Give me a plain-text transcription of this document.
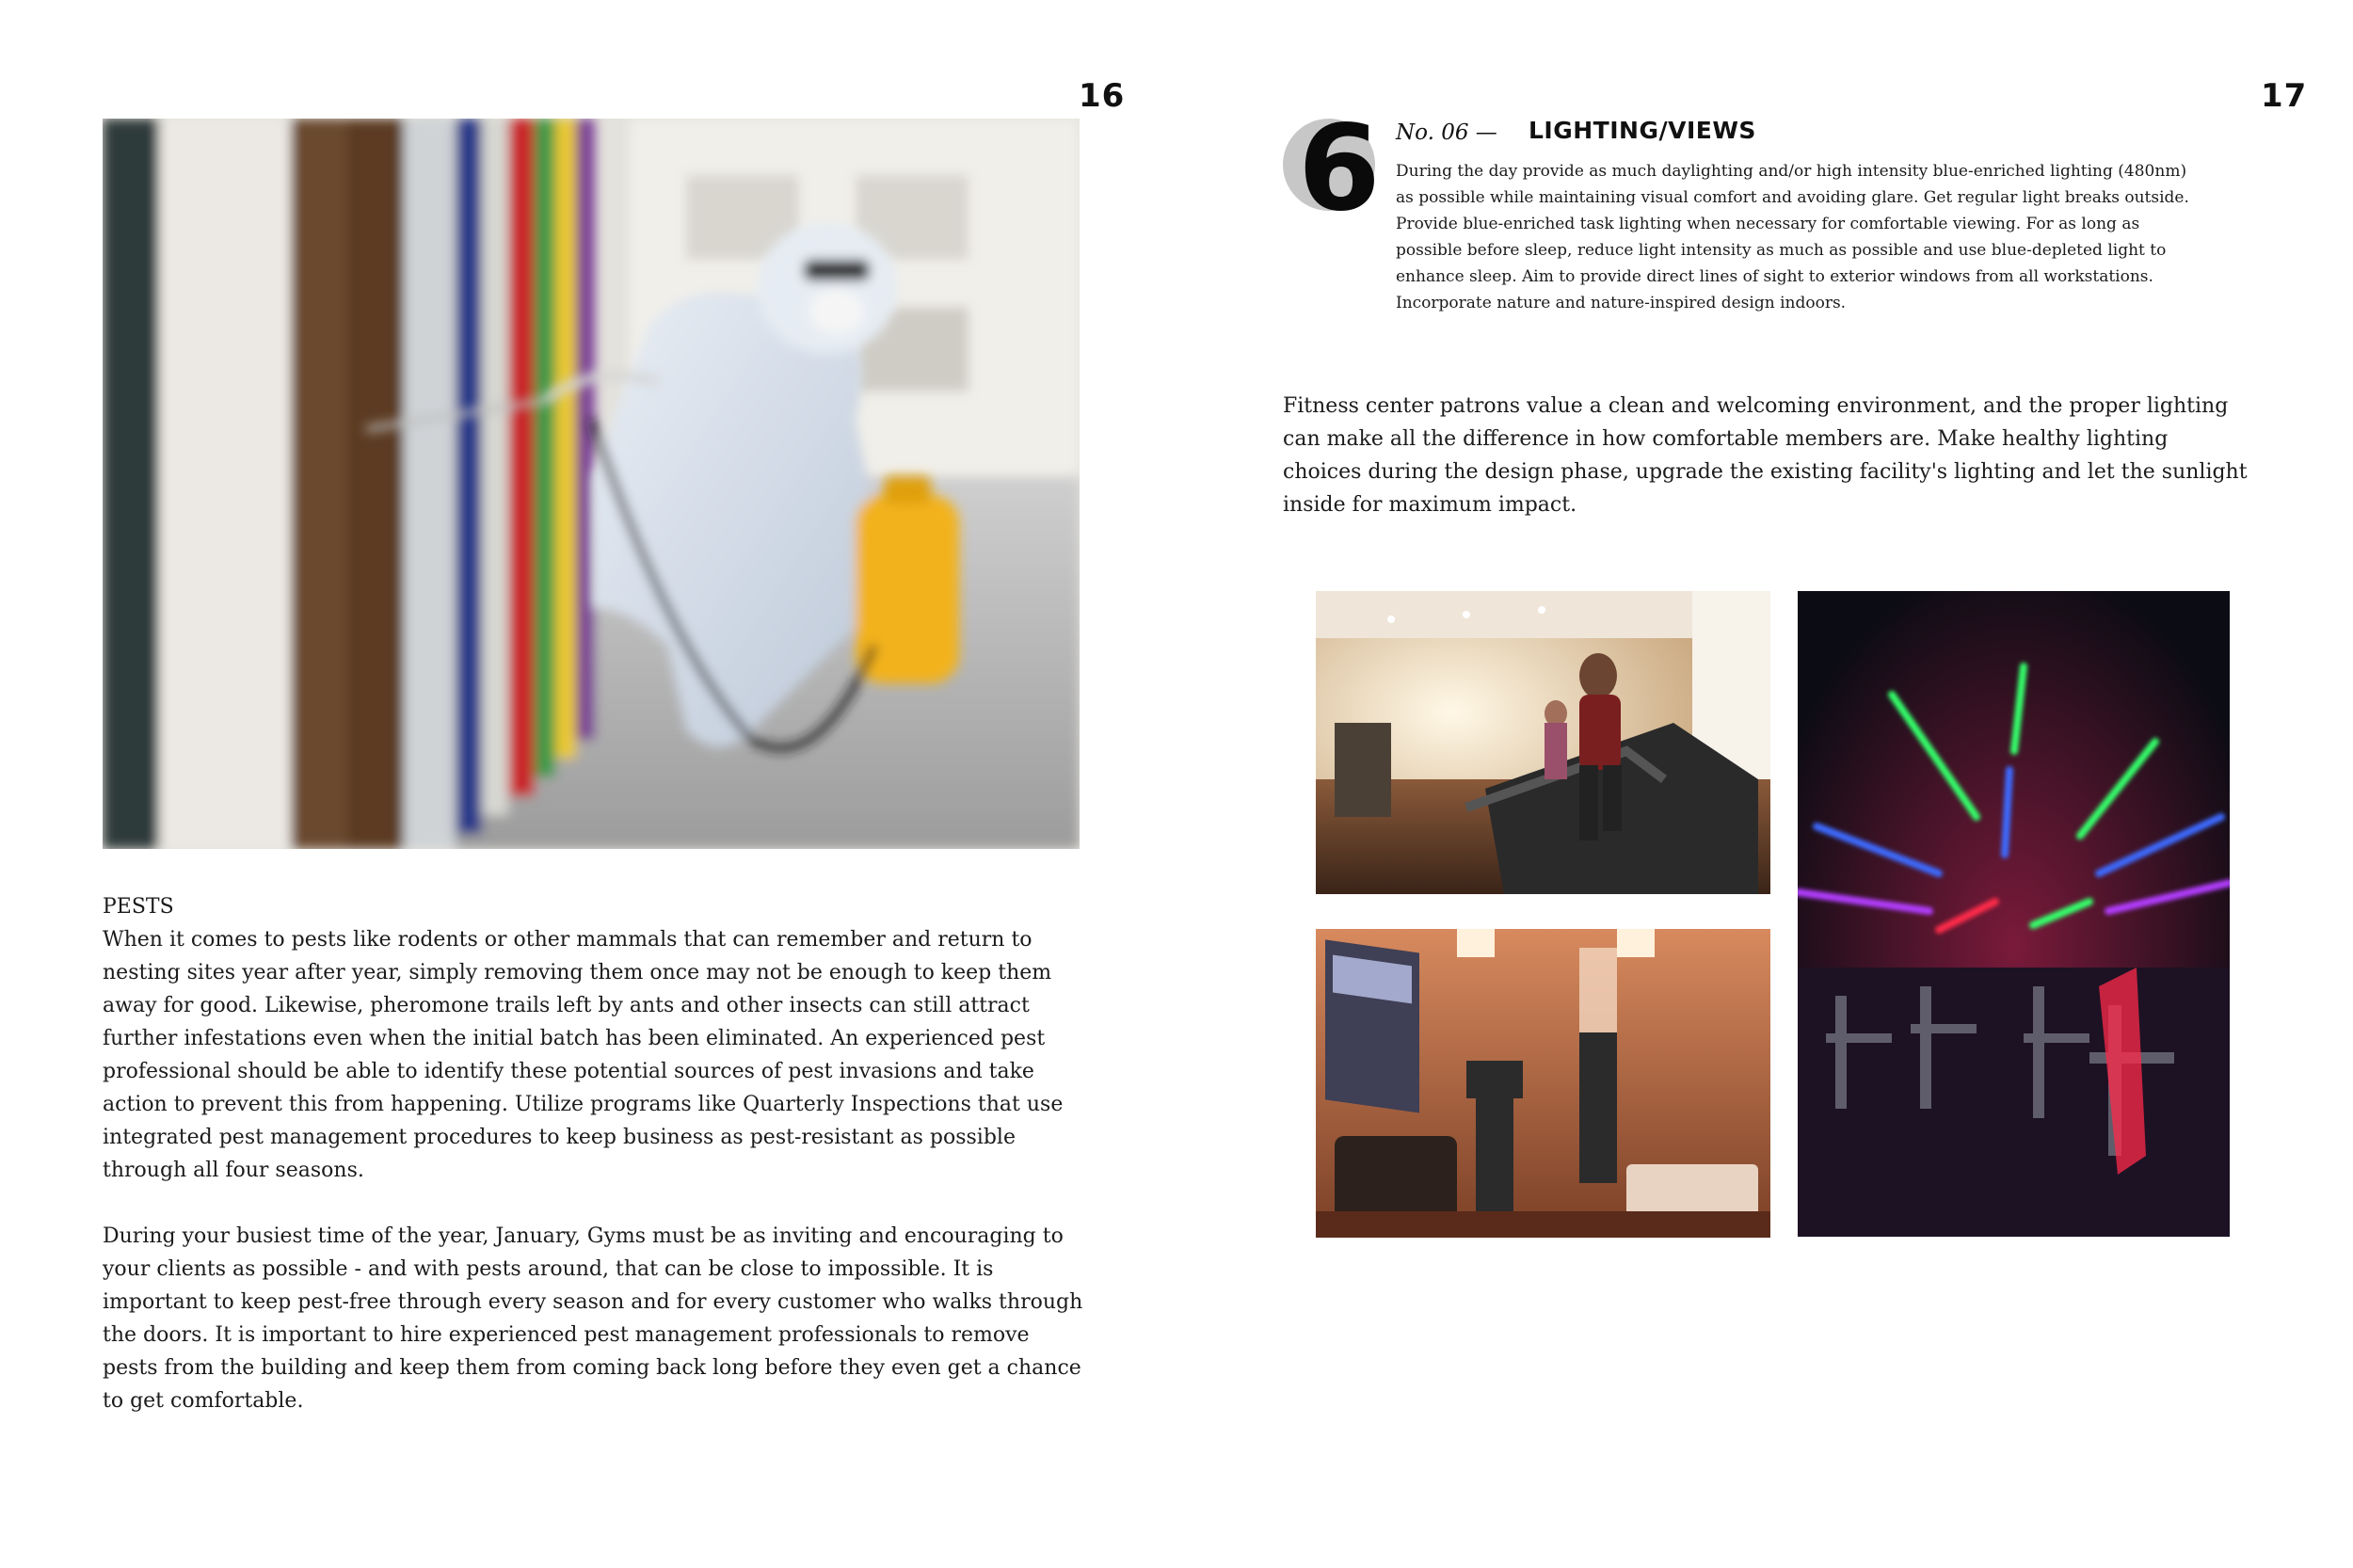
16
PESTS
When it comes to pests like rodents or other mammals that can remember and return to nesting sites year after year, simply removing them once may not be enough to keep them away for good. Likewise, pheromone trails left by ants and other insects can still attract further infestations even when the initial batch has been eliminated. An experienced pest professional should be able to identify these potential sources of pest invasions and take action to prevent this from happening. Utilize programs like Quarterly Inspections that use integrated pest management procedures to keep business as pest-resistant as possible through all four seasons.
During your busiest time of the year, January, Gyms must be as inviting and encouraging to your clients as possible - and with pests around, that can be close to impossible. It is important to keep pest-free through every season and for every customer who walks through the doors. It is important to hire experienced pest management professionals to remove pests from the building and keep them from coming back long before they even get a chance to get comfortable.
17
6 No. 06 — LIGHTING/VIEWS
During the day provide as much daylighting and/or high intensity blue-enriched lighting (480nm) as possible while maintaining visual comfort and avoiding glare. Get regular light breaks outside. Provide blue-enriched task lighting when necessary for comfortable viewing. For as long as possible before sleep, reduce light intensity as much as possible and use blue-depleted light to enhance sleep. Aim to provide direct lines of sight to exterior windows from all workstations. Incorporate nature and nature-inspired design indoors.
Fitness center patrons value a clean and welcoming environment, and the proper lighting can make all the difference in how comfortable members are. Make healthy lighting choices during the design phase, upgrade the existing facility's lighting and let the sunlight inside for maximum impact.
